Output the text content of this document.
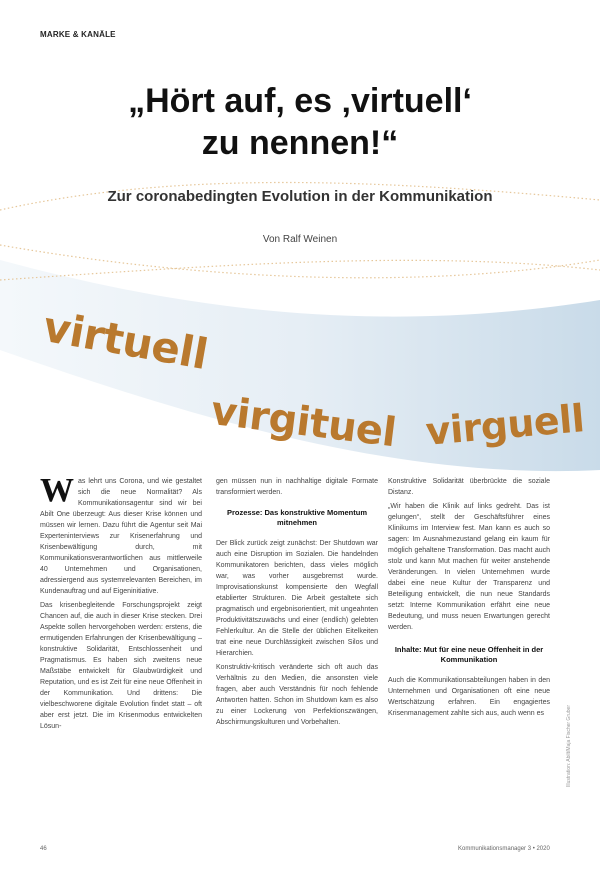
MARKE & KANÄLE
„Hört auf, es ‚virtuell‘
zu nennen!“
Zur coronabedingten Evolution in der Kommunikation
Von Ralf Weinen
virtuell
virgituel virguell

Was lehrt uns Corona, und wie gestaltet sich die neue Normalität? Als Kommunikationsagentur sind wir bei Abilt One überzeugt: Aus dieser Krise können und müssen wir lernen. Dazu führt die Agentur seit Mai Experteninterviews zur Krisenerfahrung und Krisenbewältigung durch, mit Kommunikationsverantwortlichen aus mittlerweile 40 Unternehmen und Organisationen, adressiergend aus systemrelevanten Bereichen, im Kundenauftrag und auf Eigeninitiative.

Das krisenbegleitende Forschungsprojekt zeigt Chancen auf, die auch in dieser Krise stecken. Drei Aspekte sollen hervorgehoben werden: erstens, die ermutigenden Erfahrungen der Krisenbewältigung – konstruktive Solidarität, Entschlossenheit und Pragmatismus. Es haben sich zweitens neue Maßstäbe entwickelt für Glaubwürdigkeit und Reputation, und es ist Zeit für eine neue Offenheit in der Kommunikation. Und drittens: Die vielbeschworene digitale Evolution findet statt – oft aber erst jetzt. Die im Krisenmodus entwickelten Lösun-

gen müssen nun in nachhaltige digitale Formate transformiert werden.

Prozesse: Das konstruktive Momentum mitnehmen

Der Blick zurück zeigt zunächst: Der Shutdown war auch eine Disruption im Sozialen. Die handelnden Kommunikatoren berichten, dass vieles möglich war, was vorher ausgebremst wurde. Improvisationskunst kompensierte den Wegfall etablierter Strukturen. Die Arbeit gestaltete sich pragmatisch und ergebnisorientiert, mit ungeahnten Produktivitätszuwächs und einer (endlich) gelebten Fehlerkultur. An die Stelle der üblichen Eitelkeiten trat eine neue Durchlässigkeit zwischen Silos und Hierarchien.

Konstruktiv-kritisch veränderte sich oft auch das Verhältnis zu den Medien, die ansonsten viele fragen, aber auch Verständnis für noch fehlende Antworten hatten. Schon im Shutdown kam es also zu einer Lockerung von Perfektionszwängen, Abschirmungskulturen und Vorbehalten.

Konstruktive Solidarität überbrückte die soziale Distanz.

„Wir haben die Klinik auf links gedreht. Das ist gelungen“, stellt der Geschäftsführer eines Klinikums im Interview fest. Man kann es auch so sagen: Im Ausnahmezustand gelang ein kaum für möglich gehaltene Transformation. Das macht auch stolz und kann Mut machen für weiter anstehende Veränderungen. In vielen Unternehmen wurde dabei eine neue Kultur der Transparenz und Beteiligung entwickelt, die nun neue Standards setzt: Interne Kommunikation erfährt eine neue Bedeutung, und muss neuen Erwartungen gerecht werden.

Inhalte: Mut für eine neue Offenheit in der Kommunikation

Auch die Kommunikationsabteilungen haben in den Unternehmen und Organisationen oft eine neue Wertschätzung erfahren. Ein engagiertes Krisenmanagement zahlte sich aus, auch wenn es	Illustration: Abilt/Maja Fischer Gruber
46	Kommunikationsmanager 3 • 2020
